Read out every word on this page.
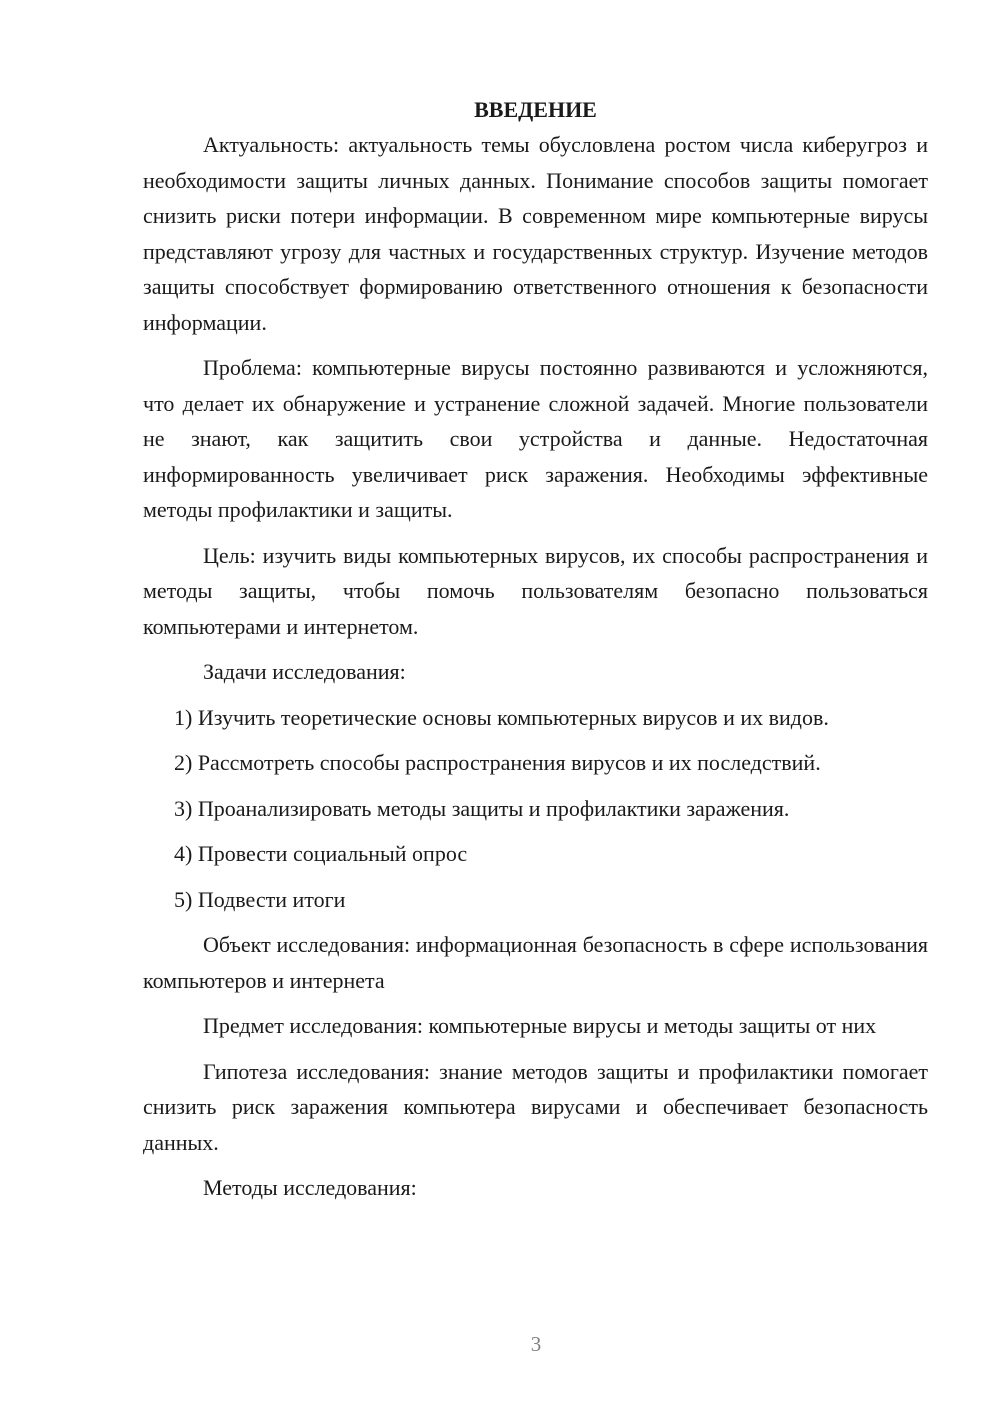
ВВЕДЕНИЕ

Актуальность: актуальность темы обусловлена ростом числа киберугроз и необходимости защиты личных данных. Понимание способов защиты помогает снизить риски потери информации. В современном мире компьютерные вирусы представляют угрозу для частных и государственных структур. Изучение методов защиты способствует формированию ответственного отношения к безопасности информации.

Проблема: компьютерные вирусы постоянно развиваются и усложняются, что делает их обнаружение и устранение сложной задачей. Многие пользователи не знают, как защитить свои устройства и данные. Недостаточная информированность увеличивает риск заражения. Необходимы эффективные методы профилактики и защиты.

Цель: изучить виды компьютерных вирусов, их способы распространения и методы защиты, чтобы помочь пользователям безопасно пользоваться компьютерами и интернетом.

Задачи исследования:

1) Изучить теоретические основы компьютерных вирусов и их видов.
2) Рассмотреть способы распространения вирусов и их последствий.
3) Проанализировать методы защиты и профилактики заражения.
4) Провести социальный опрос
5) Подвести итоги

Объект исследования: информационная безопасность в сфере использования компьютеров и интернета

Предмет исследования: компьютерные вирусы и методы защиты от них

Гипотеза исследования: знание методов защиты и профилактики помогает снизить риск заражения компьютера вирусами и обеспечивает безопасность данных.

Методы исследования:

3
